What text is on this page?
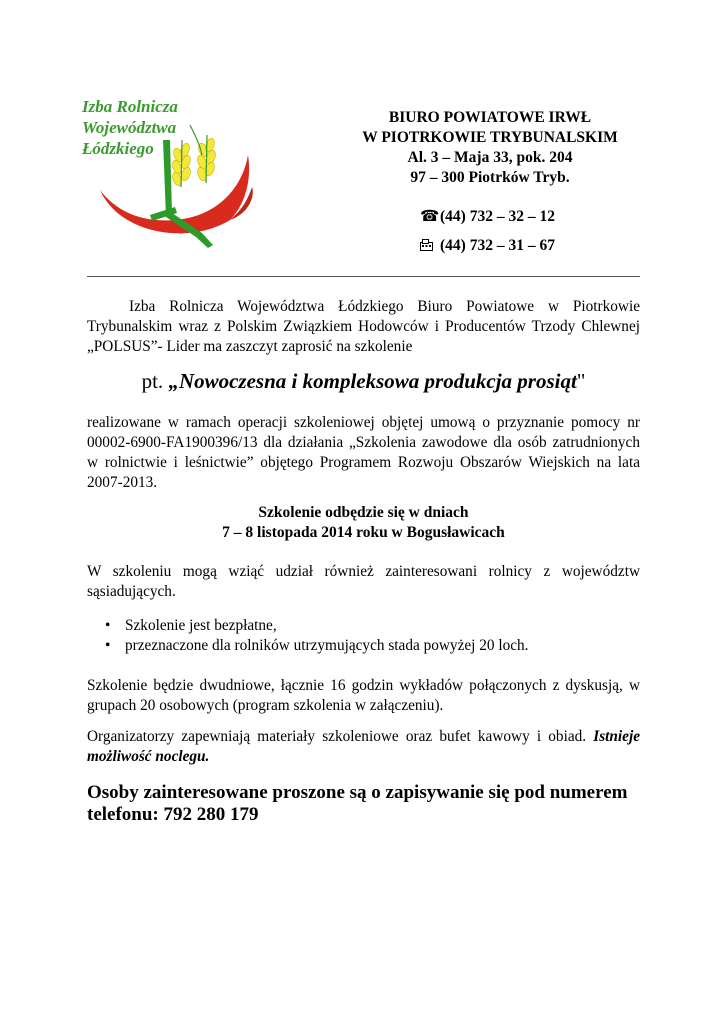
Izba Rolnicza
Województwa
Łódzkiego
BIURO POWIATOWE IRWŁ
W PIOTRKOWIE TRYBUNALSKIM
Al. 3 – Maja 33, pok. 204
97 – 300 Piotrków Tryb.
☎(44) 732 – 32 – 12
(44) 732 – 31 – 67
Izba Rolnicza Województwa Łódzkiego Biuro Powiatowe w Piotrkowie Trybunalskim wraz z Polskim Związkiem Hodowców i Producentów Trzody Chlewnej „POLSUS”- Lider ma zaszczyt zaprosić na szkolenie
pt. „Nowoczesna i kompleksowa produkcja prosiąt"
realizowane w ramach operacji szkoleniowej objętej umową o przyznanie pomocy nr 00002-6900-FA1900396/13 dla działania „Szkolenia zawodowe dla osób zatrudnionych w rolnictwie i leśnictwie” objętego Programem Rozwoju Obszarów Wiejskich na lata 2007-2013.
Szkolenie odbędzie się w dniach
7 – 8 listopada 2014 roku w Bogusławicach
W szkoleniu mogą wziąć udział również zainteresowani rolnicy z województw sąsiadujących.
• Szkolenie jest bezpłatne,
• przeznaczone dla rolników utrzymujących stada powyżej 20 loch.
Szkolenie będzie dwudniowe, łącznie 16 godzin wykładów połączonych z dyskusją, w grupach 20 osobowych (program szkolenia w załączeniu).
Organizatorzy zapewniają materiały szkoleniowe oraz bufet kawowy i obiad. Istnieje możliwość noclegu.
Osoby zainteresowane proszone są o zapisywanie się pod numerem telefonu: 792 280 179
